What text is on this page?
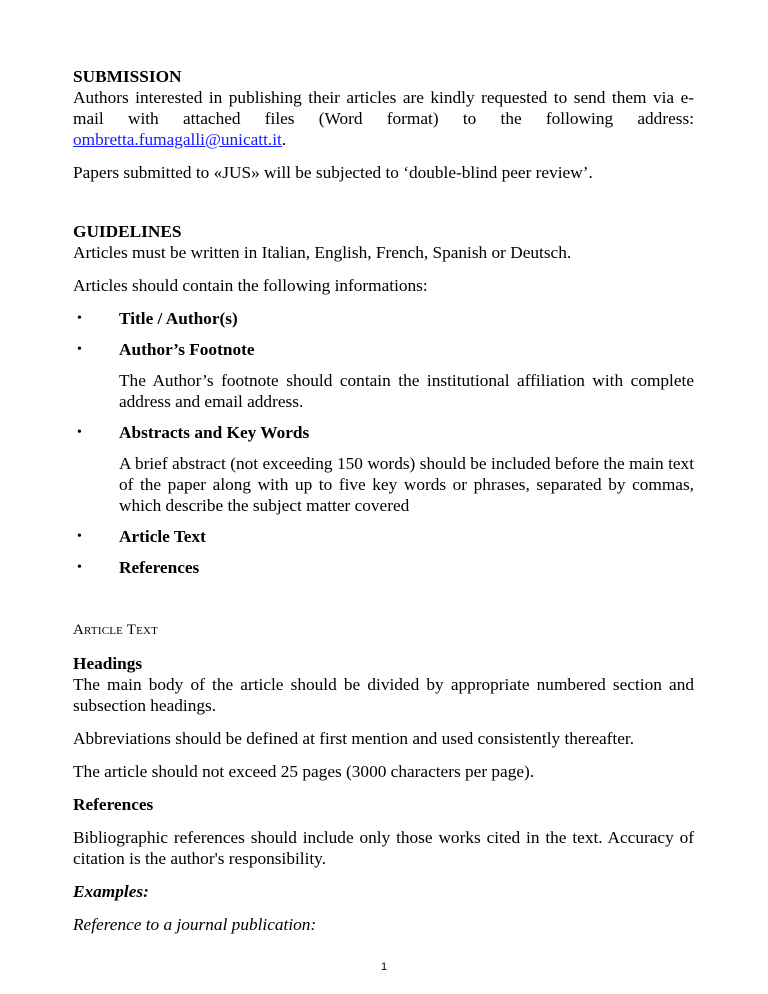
SUBMISSION

Authors interested in publishing their articles are kindly requested to send them via e-mail with attached files (Word format) to the following address: ombretta.fumagalli@unicatt.it.

Papers submitted to «JUS» will be subjected to ‘double-blind peer review’.

GUIDELINES

Articles must be written in Italian, English, French, Spanish or Deutsch.

Articles should contain the following informations:

•	Title / Author(s)
•	Author’s Footnote
The Author’s footnote should contain the institutional affiliation with complete address and email address.
•	Abstracts and Key Words
A brief abstract (not exceeding 150 words) should be included before the main text of the paper along with up to five key words or phrases, separated by commas, which describe the subject matter covered
•	Article Text
•	References

Article Text

Headings

The main body of the article should be divided by appropriate numbered section and subsection headings.

Abbreviations should be defined at first mention and used consistently thereafter.

The article should not exceed 25 pages (3000 characters per page).

References

Bibliographic references should include only those works cited in the text. Accuracy of citation is the author's responsibility.

Examples:

Reference to a journal publication:

1
